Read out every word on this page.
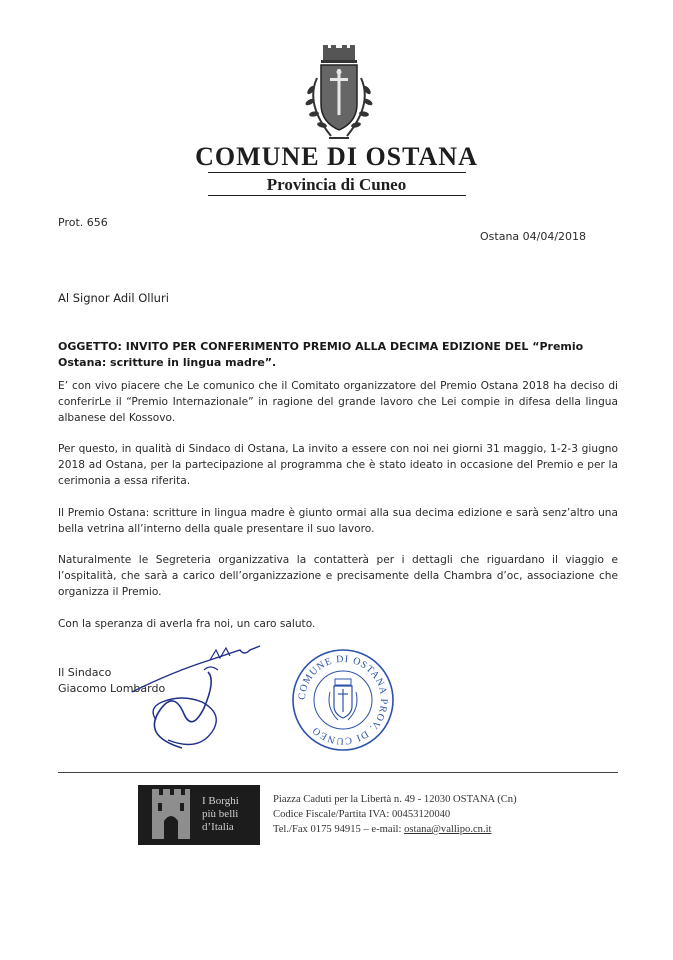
COMUNE DI OSTANA
Provincia di Cuneo
Prot. 656
Ostana 04/04/2018
Al Signor Adil Olluri
OGGETTO: INVITO PER CONFERIMENTO PREMIO ALLA DECIMA EDIZIONE DEL “Premio Ostana: scritture in lingua madre”.

E’ con vivo piacere che Le comunico che il Comitato organizzatore del Premio Ostana 2018 ha deciso di conferirLe il “Premio Internazionale” in ragione del grande lavoro che Lei compie in difesa della lingua albanese del Kossovo.

Per questo, in qualità di Sindaco di Ostana, La invito a essere con noi nei giorni 31 maggio, 1-2-3 giugno 2018 ad Ostana, per la partecipazione al programma che è stato ideato in occasione del Premio e per la cerimonia a essa riferita.

Il Premio Ostana: scritture in lingua madre è giunto ormai alla sua decima edizione e sarà senz’altro una bella vetrina all’interno della quale presentare il suo lavoro.

Naturalmente le Segreteria organizzativa la contatterà per i dettagli che riguardano il viaggio e l’ospitalità, che sarà a carico dell’organizzazione e precisamente della Chambra d’oc, associazione che organizza il Premio.

Con la speranza di averla fra noi, un caro saluto.

Il Sindaco
Giacomo Lombardo
COMUNE DI OSTANA PROV. DI CUNEO
I Borghi
più belli
d’Italia
Piazza Caduti per la Libertà n. 49 - 12030 OSTANA (Cn)
Codice Fiscale/Partita IVA: 00453120040
Tel./Fax 0175 94915 – e-mail: ostana@vallipo.cn.it
